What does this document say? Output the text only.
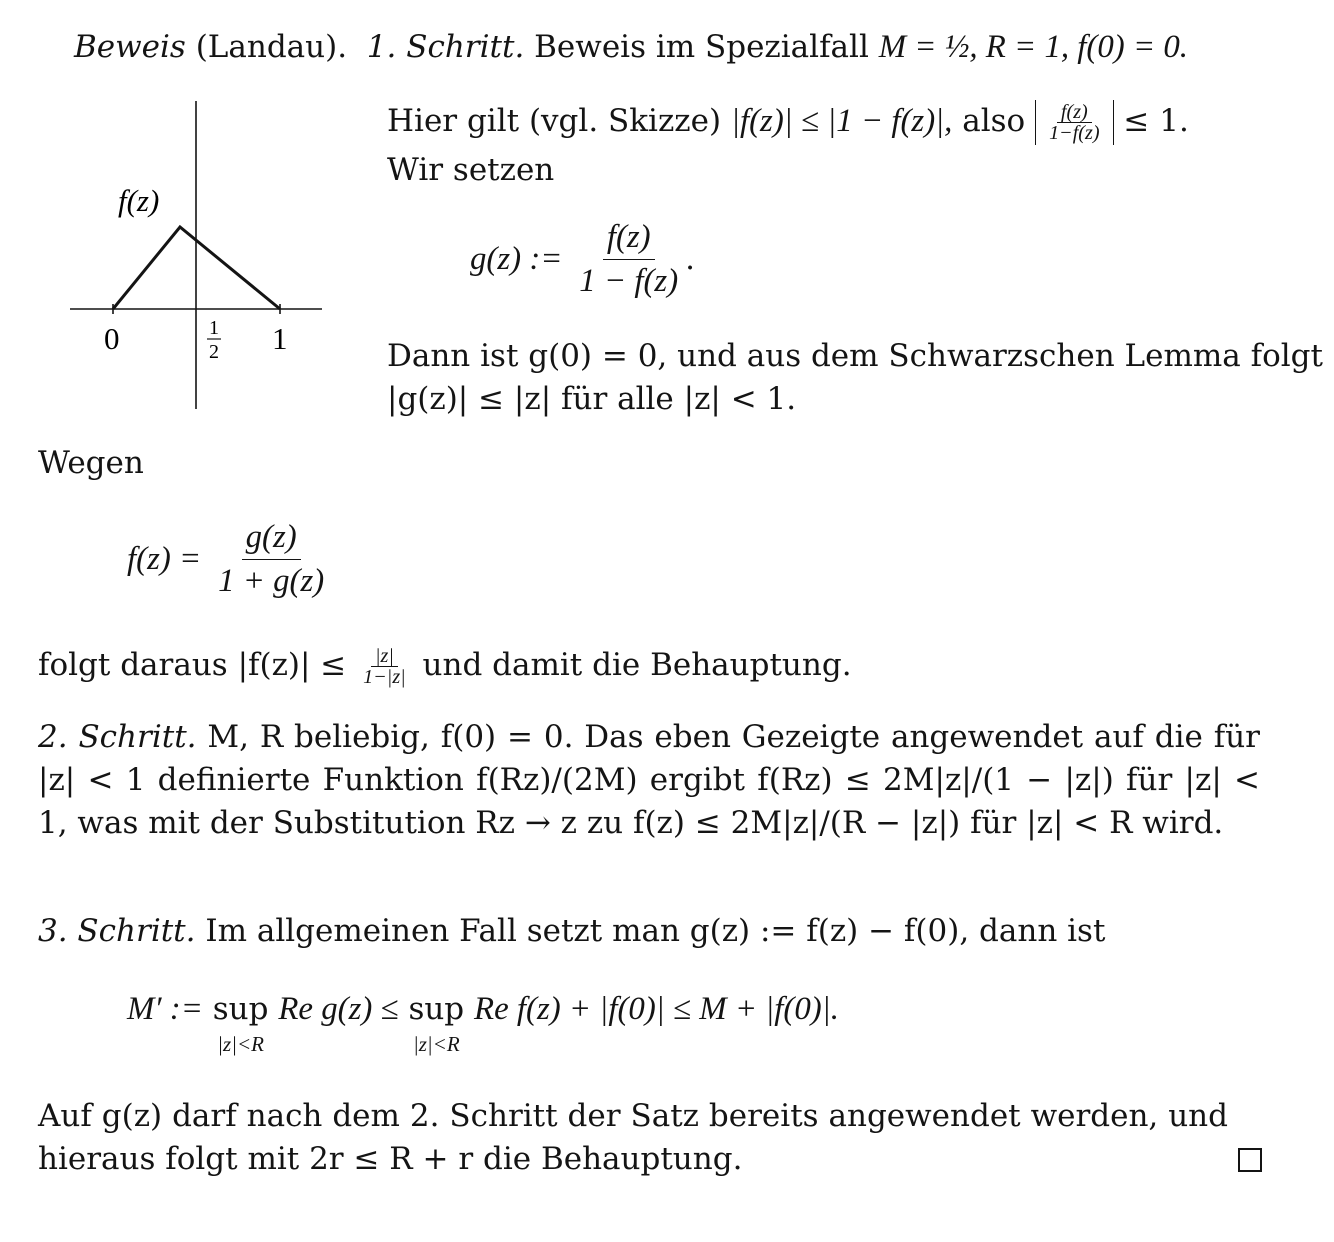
Beweis (Landau). 1. Schritt. Beweis im Spezialfall M = ½, R = 1, f(0) = 0.
f(z)
0	1
2 1
Hier gilt (vgl. Skizze) |f(z)| ≤ |1 − f(z)|, also $\frac{f(z)}{1-f(z)} \le 1$.
Wir setzen
g(z) := $\frac{f(z)}{1 - f(z)}$ .
Dann ist g(0) = 0, und aus dem Schwarzschen Lemma folgt
|g(z)| ≤ |z| für alle |z| < 1.
Wegen
$f(z) = \frac{g(z)}{1 + g(z)}$
folgt daraus $|f(z)| \le \frac{|z|}{1-|z|}$ und damit die Behauptung.
2. Schritt. M, R beliebig, f(0) = 0. Das eben Gezeigte angewendet auf die für |z| < 1 definierte Funktion f(Rz)/(2M) ergibt f(Rz) ≤ 2M|z|/(1 − |z|) für |z| < 1, was mit der Substitution Rz → z zu f(z) ≤ 2M|z|/(R − |z|) für |z| < R wird.
3. Schritt. Im allgemeinen Fall setzt man g(z) := f(z) − f(0), dann ist
M′ := sup
|z|<R
Re g(z) ≤ sup
|z|<R
Re f(z) + |f(0)| ≤ M + |f(0)|.
Auf g(z) darf nach dem 2. Schritt der Satz bereits angewendet werden, und hieraus folgt mit 2r ≤ R + r die Behauptung.
